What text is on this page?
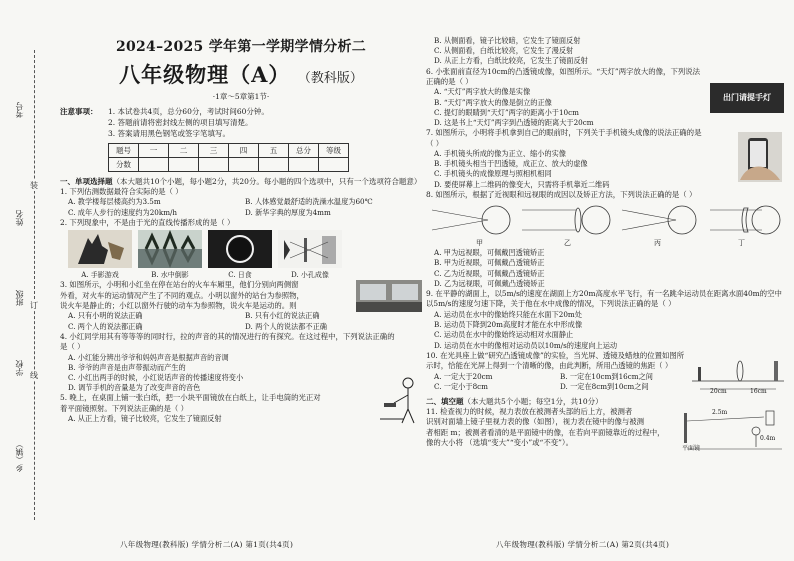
考号
姓名
班级
学校
乡（镇）
装
订
线
2024–2025 学年第一学期学情分析二
八年级物理（A） （教科版）
·1章～5章第1节·
注意事项： 1. 本试卷共4页，总分60分，考试时间60分钟。
2. 答题前请将密封线左侧的项目填写清楚。
3. 答案请用黑色钢笔或签字笔填写。
题号	一	二	三	四	五	总分	等级
分数							
一、单项选择题（本大题共10个小题，每小题2分，共20分。每小题的四个选项中，只有一个选项符合题意）
1. 下列估测数据最符合实际的是（ ）
A. 教学楼每层楼高约为3.5m	B. 人体感觉最舒适的洗澡水温度为60℃
C. 成年人步行的速度约为20km/h	D. 新华字典的厚度为4mm
2. 下列现象中，不是由于光的直线传播形成的是（ ）
A. 手影游戏	B. 水中倒影	C. 日食	D. 小孔成像
3. 如图所示，小明和小红坐在停在站台的火车车厢里，他们分别向两侧窗
外看，对火车的运动情况产生了不同的观点。小明以窗外的站台为参照物，
说火车是静止的；小红以窗外行驶的动车为参照物，说火车是运动的。则
A. 只有小明的说法正确	B. 只有小红的说法正确
C. 两个人的说法都正确	D. 两个人的说法都不正确
4. 小红同学用其有等等等的同时行，拉的声音的其的情况进行的有探究。在这过程中，下列说法正确的
是（ ）
A. 小红能分辨出爷爷和妈妈声音是根据声音的音调
B. 爷爷的声音是由声带振动而产生的
C. 小红出两手的时候，小红说话声音的传播速度将变小
D. 调节手机的音量是为了改变声音的音色
5. 晚上，在桌面上铺一张白纸，把一小块平面镜放在白纸上，让手电筒的光正对
着平面镜照射。下列说法正确的是（ ）
A. 从正上方看，镜子比较亮，它发生了镜面反射
八年级物理(教科版) 学情分析二(A) 第1页(共4页)
B. 从侧面看，镜子比较暗，它发生了镜面反射
C. 从侧面看，白纸比较亮，它发生了漫反射
D. 从正上方看，白纸比较亮，它发生了镜面反射
6. 小张面前直径为10cm的凸透镜成像，如图所示。“天灯”两字放大的像，下列说法正确的是（ ）
A. “天灯”两字放大的像是实像
B. “天灯”两字放大的像是倒立的正像
C. 提灯的眼睛到“天灯”两字的距离小于10cm
D. 这是书上“天灯”两字到凸透镜的距离大于20cm
出门请提手灯
7. 如图所示，小明将手机拿到自己的眼前时，下列关于手机镜头成像的说法正确的是
（ ）
A. 手机镜头所成的像为正立、缩小的实像
B. 手机镜头相当于凹透镜，成正立、放大的虚像
C. 手机镜头的成像原理与照相机相同
D. 要使屏幕上二维码的像变大，只需将手机靠近二维码
8. 如图所示，根据了近视眼和远视眼的成因以及矫正方法，下列说法正确的是（ ）
甲	乙	丙	丁
A. 甲为远视眼，可佩戴凹透镜矫正
B. 甲为近视眼，可佩戴凸透镜矫正
C. 乙为近视眼，可佩戴凸透镜矫正
D. 乙为远视眼，可佩戴凸透镜矫正
9. 在平静的湖面上，以5m/s的速度在湖面上方20m高度水平飞行，有一名跳伞运动员在距离水面40m的空中以5m/s的速度匀速下降，关于他在水中成像的情况，下列说法正确的是（ ）
A. 运动员在水中的像始终只能在水面下20m处
B. 运动员下降到20m高度时才能在水中形成像
C. 运动员在水中的像始终运动相对水面静止
D. 运动员在水中的像相对运动员以10m/s的速度向上运动
10. 在光具座上做“研究凸透镜成像”的实验，当光屏、透镜及蜡烛的位置如图所示时，恰能在光屏上得到一个清晰的像，由此判断，所用凸透镜的焦距（ ）
A. 一定大于20cm	B. 一定在10cm到16cm之间
C. 一定小于8cm	D. 一定在8cm到10cm之间
20cm	16cm
二、填空题（本大题共5个小题；每空1分，共10分）
11. 检查视力的时候，视力表放在被测者头部的后上方，被测者
识别对面墙上镜子里视力表的像（如图），视力表在镜中的像与被测
者相距 m；被测者看清的是平面镜中的像，在若向平面镜靠近的过程中，
像的大小将 （选填“变大”“变小”或“不变”）。
2.5m
0.4m
平面镜
八年级物理(教科版) 学情分析二(A) 第2页(共4页)
